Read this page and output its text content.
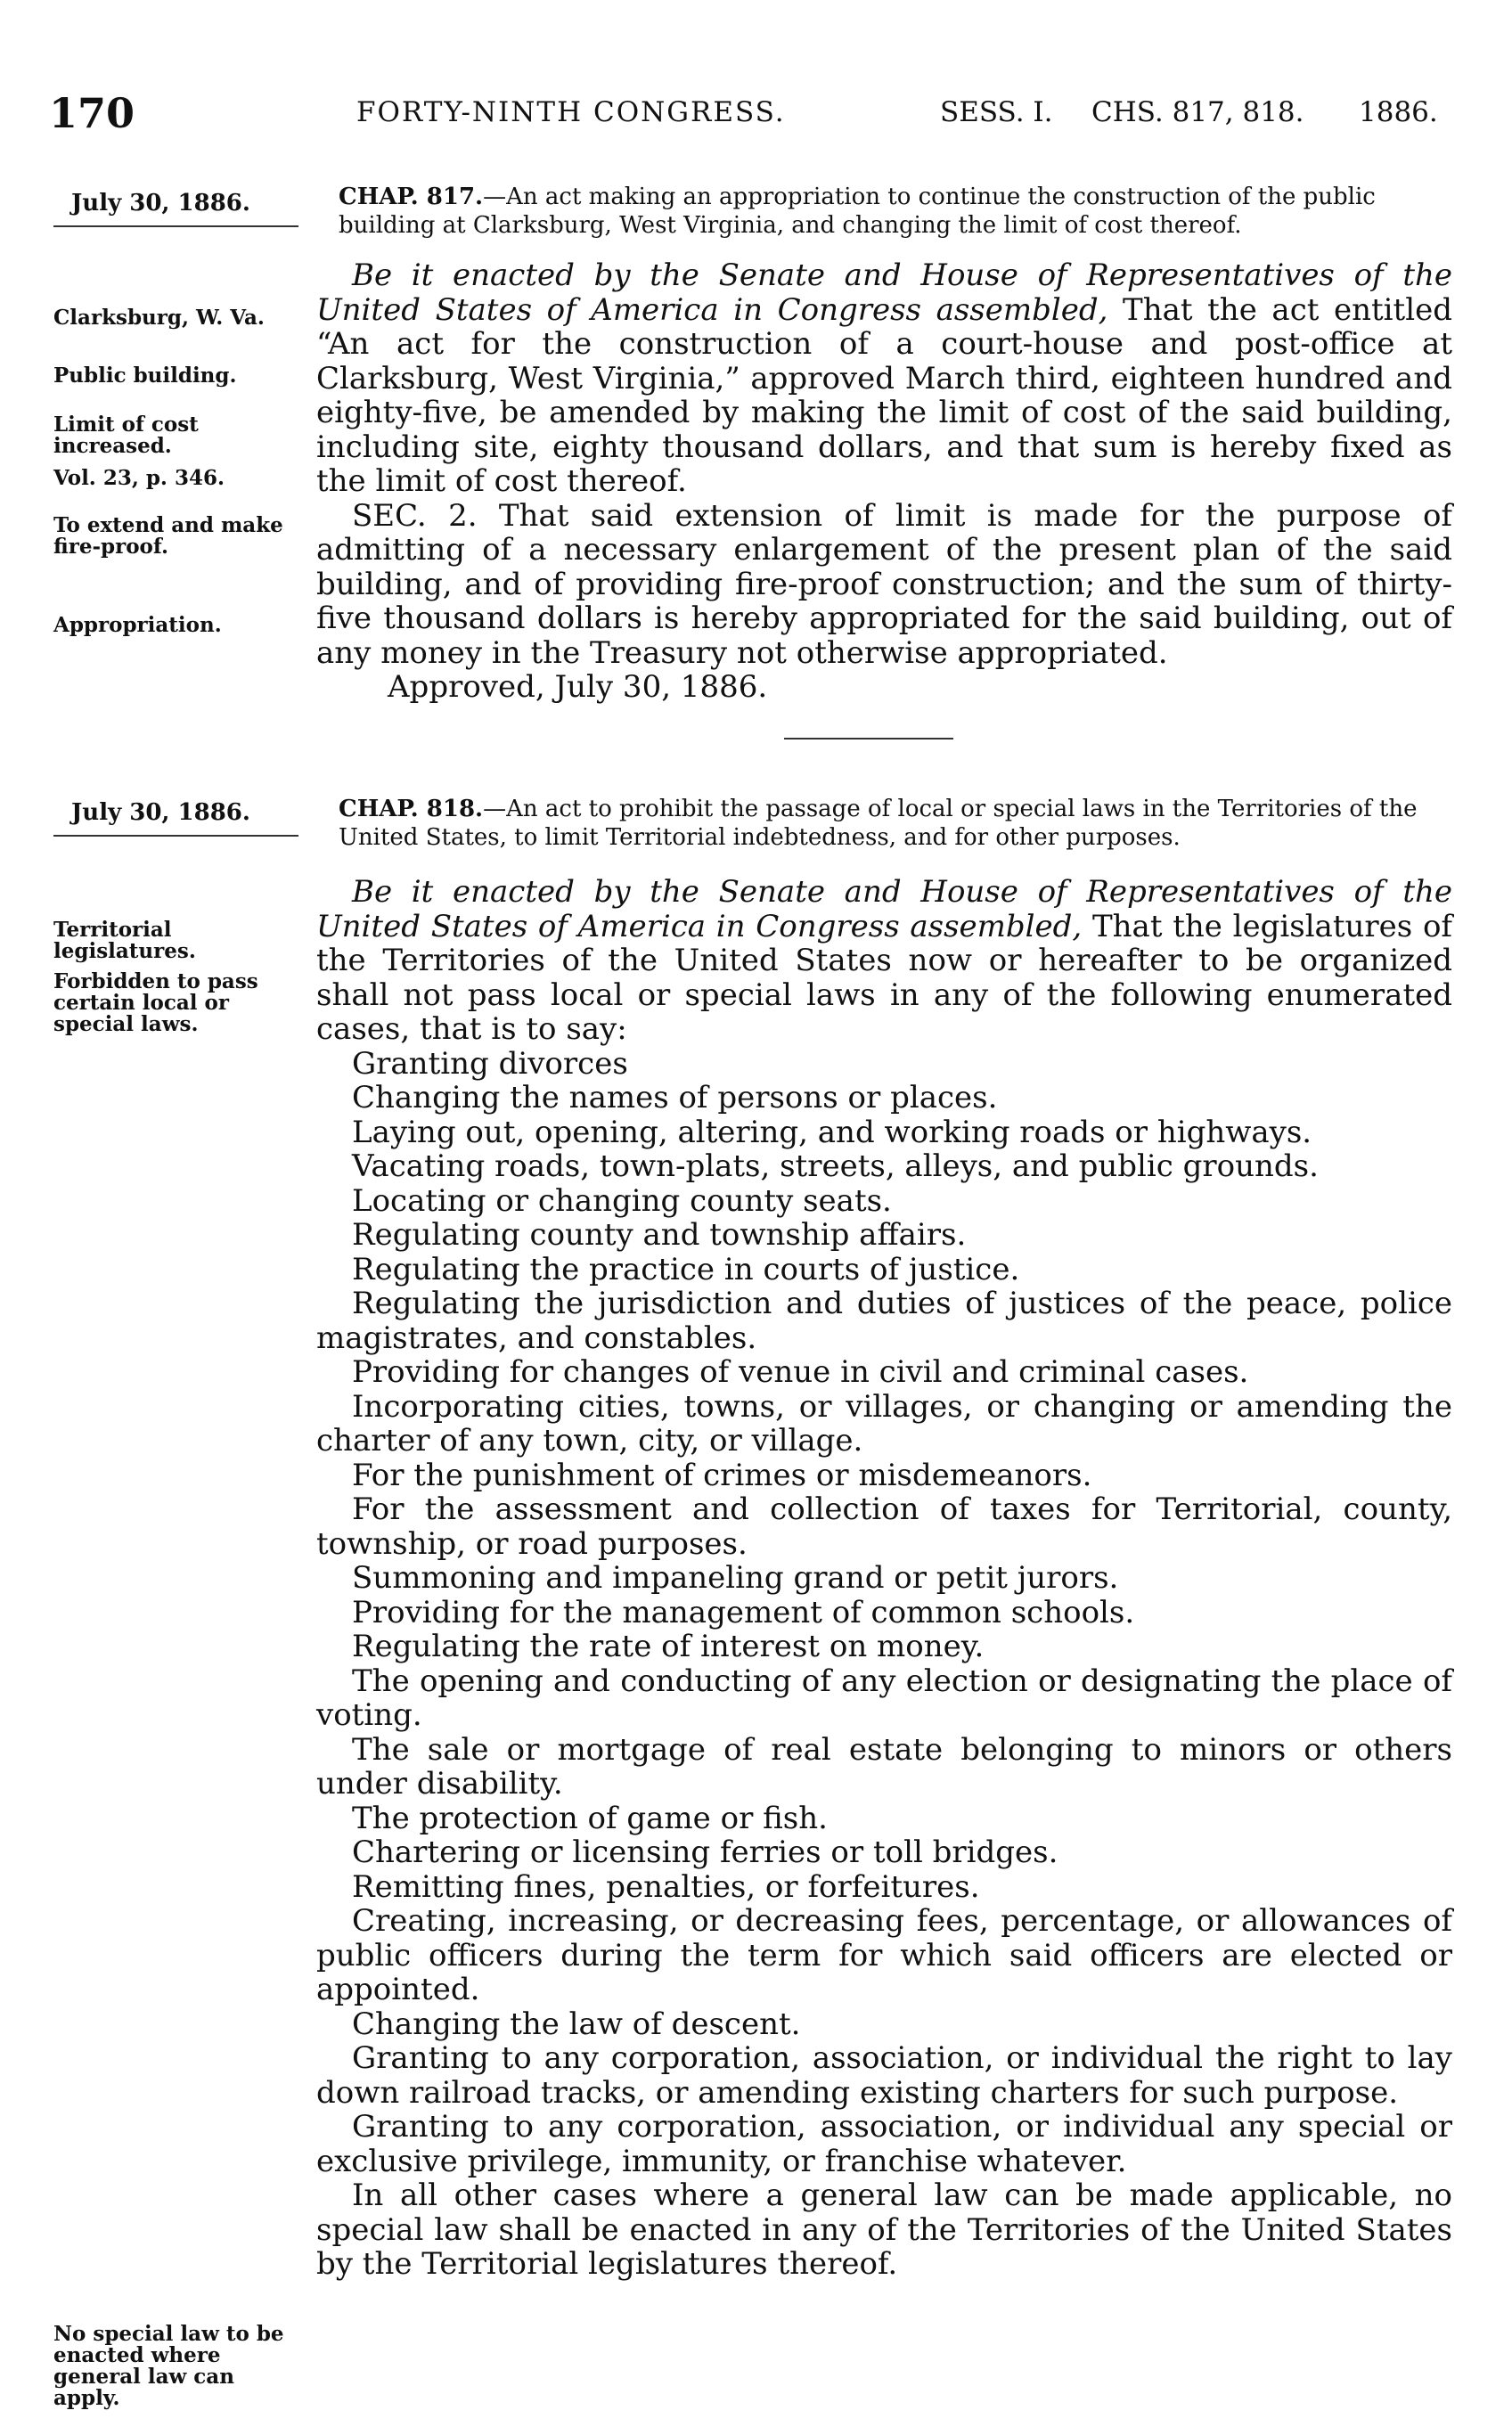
170	FORTY-NINTH CONGRESS.	SESS. I. CHS. 817, 818. 1886.
July 30, 1886.	CHAP. 817.—An act making an appropriation to continue the construction of the public building at Clarksburg, West Virginia, and changing the limit of cost thereof.
Clarksburg, W. Va.
Public building.
Limit of cost increased.
Vol. 23, p. 346.
To extend and make fire-proof.
Appropriation.

Be it enacted by the Senate and House of Representatives of the United States of America in Congress assembled, That the act entitled “An act for the construction of a court-house and post-office at Clarksburg, West Virginia,” approved March third, eighteen hundred and eighty-five, be amended by making the limit of cost of the said building, including site, eighty thousand dollars, and that sum is hereby fixed as the limit of cost thereof.

SEC. 2. That said extension of limit is made for the purpose of admitting of a necessary enlargement of the present plan of the said building, and of providing fire-proof construction; and the sum of thirty-five thousand dollars is hereby appropriated for the said building, out of any money in the Treasury not otherwise appropriated.

Approved, July 30, 1886.

July 30, 1886.	CHAP. 818.—An act to prohibit the passage of local or special laws in the Territories of the United States, to limit Territorial indebtedness, and for other purposes.
Territorial legislatures.
Forbidden to pass certain local or special laws.
No special law to be enacted where general law can apply.

Be it enacted by the Senate and House of Representatives of the United States of America in Congress assembled, That the legislatures of the Territories of the United States now or hereafter to be organized shall not pass local or special laws in any of the following enumerated cases, that is to say:

Granting divorces
Changing the names of persons or places.
Laying out, opening, altering, and working roads or highways.
Vacating roads, town-plats, streets, alleys, and public grounds.
Locating or changing county seats.
Regulating county and township affairs.
Regulating the practice in courts of justice.
Regulating the jurisdiction and duties of justices of the peace, police magistrates, and constables.
Providing for changes of venue in civil and criminal cases.
Incorporating cities, towns, or villages, or changing or amending the charter of any town, city, or village.
For the punishment of crimes or misdemeanors.
For the assessment and collection of taxes for Territorial, county, township, or road purposes.
Summoning and impaneling grand or petit jurors.
Providing for the management of common schools.
Regulating the rate of interest on money.
The opening and conducting of any election or designating the place of voting.
The sale or mortgage of real estate belonging to minors or others under disability.
The protection of game or fish.
Chartering or licensing ferries or toll bridges.
Remitting fines, penalties, or forfeitures.
Creating, increasing, or decreasing fees, percentage, or allowances of public officers during the term for which said officers are elected or appointed.
Changing the law of descent.
Granting to any corporation, association, or individual the right to lay down railroad tracks, or amending existing charters for such purpose.
Granting to any corporation, association, or individual any special or exclusive privilege, immunity, or franchise whatever.

In all other cases where a general law can be made applicable, no special law shall be enacted in any of the Territories of the United States by the Territorial legislatures thereof.
